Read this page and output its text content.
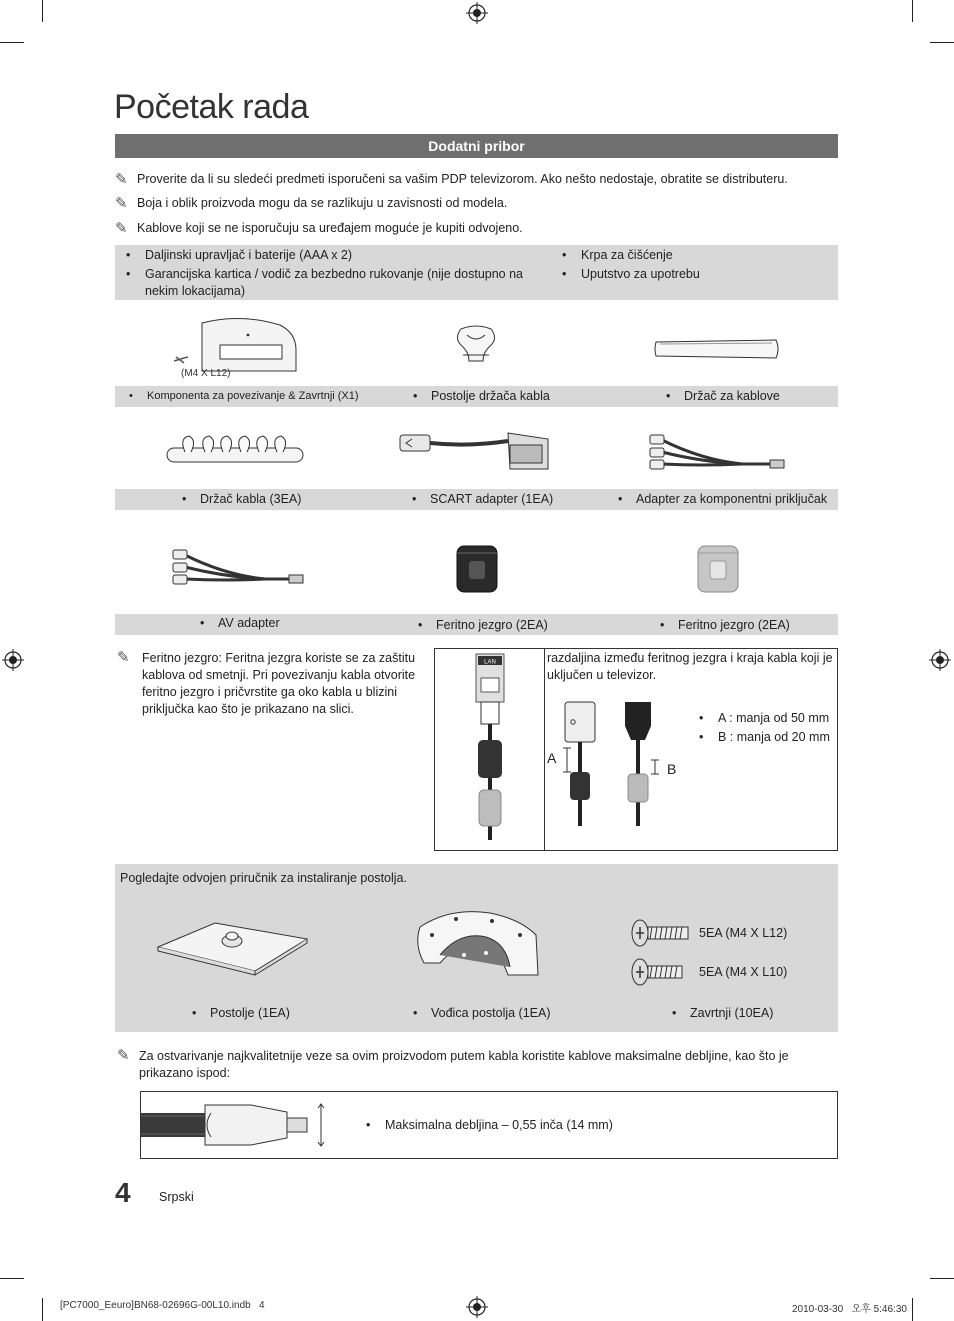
Početak rada
Dodatni pribor
✎ Proverite da li su sledeći predmeti isporučeni sa vašim PDP televizorom. Ako nešto nedostaje, obratite se distributeru.
✎ Boja i oblik proizvoda mogu da se razlikuju u zavisnosti od modela.
✎ Kablove koji se ne isporučuju sa uređajem moguće je kupiti odvojeno.
• Daljinski upravljač i baterije (AAA x 2)
• Garancijska kartica / vodič za bezbedno rukovanje (nije dostupno na nekim lokacijama)
• Krpa za čišćenje
• Uputstvo za upotrebu
(M4 X L12)
• Komponenta za povezivanje & Zavrtnji (X1)	• Postolje držača kabla	• Držač za kablove
• Držač kabla (3EA)	• SCART adapter (1EA)	• Adapter za komponentni priključak
• AV adapter	• Feritno jezgro (2EA)	• Feritno jezgro (2EA)
✎ Feritno jezgro: Feritna jezgra koriste se za zaštitu kablova od smetnji. Pri povezivanju kabla otvorite feritno jezgro i pričvrstite ga oko kabla u blizini priključka kao što je prikazano na slici.
LAN	razdaljina između feritnog jezgra i kraja kabla koji je uključen u televizor.
A
B
• A : manja od 50 mm
• B : manja od 20 mm
Pogledajte odvojen priručnik za instaliranje postolja.
5EA (M4 X L12)
5EA (M4 X L10)
• Postolje (1EA)	• Vođica postolja (1EA)	• Zavrtnji (10EA)
✎ Za ostvarivanje najkvalitetnije veze sa ovim proizvodom putem kabla koristite kablove maksimalne debljine, kao što je prikazano ispod:
• Maksimalna debljina – 0,55 inča (14 mm)
4 Srpski
[PC7000_Eeuro]BN68-02696G-00L10.indb   4	2010-03-30   오후 5:46:30
